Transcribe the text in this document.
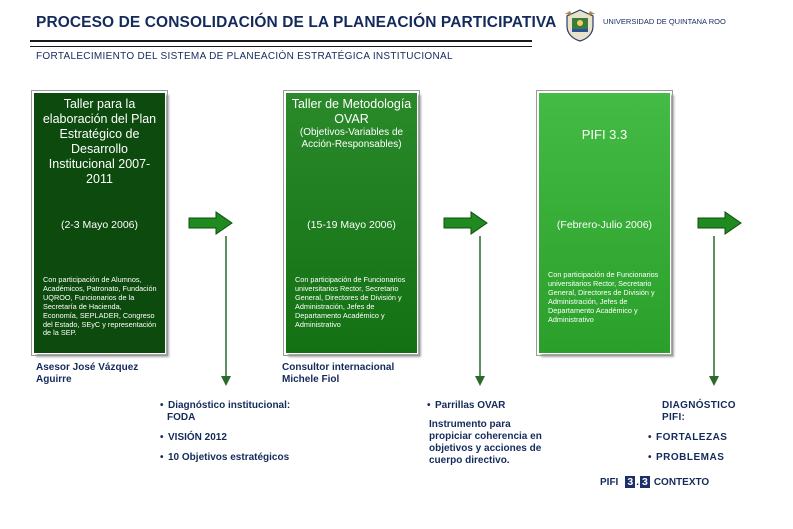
PROCESO DE CONSOLIDACIÓN DE LA PLANEACIÓN PARTICIPATIVA
FORTALECIMIENTO DEL SISTEMA DE PLANEACIÓN ESTRATÉGICA INSTITUCIONAL
UNIVERSIDAD DE QUINTANA ROO
Taller para la elaboración del Plan Estratégico de Desarrollo Institucional 2007-2011
(2-3 Mayo 2006)
Con participación de Alumnos, Académicos, Patronato, Fundación UQROO, Funcionarios de la Secretaría de Hacienda, Economía, SEPLADER, Congreso del Estado, SEyC y representación de la SEP.
Taller de Metodología OVAR
(Objetivos-Variables de Acción-Responsables)
(15-19 Mayo 2006)
Con participación de Funcionarios universitarios Rector, Secretario General, Directores de División y Administración, Jefes de Departamento Académico y Administrativo
PIFI 3.3
(Febrero-Julio 2006)
Con participación de Funcionarios universitarios Rector, Secretario General, Directores de División y Administración, Jefes de Departamento Académico y Administrativo
Asesor José Vázquez Aguirre
Consultor internacional Michele Fiol
• Diagnóstico institucional:
FODA
• VISIÓN 2012
• 10 Objetivos estratégicos
• Parrillas OVAR
Instrumento para propiciar coherencia en objetivos y acciones de cuerpo directivo.
DIAGNÓSTICO PIFI:
• FORTALEZAS
• PROBLEMAS
PIFI 3 . 3 CONTEXTO
